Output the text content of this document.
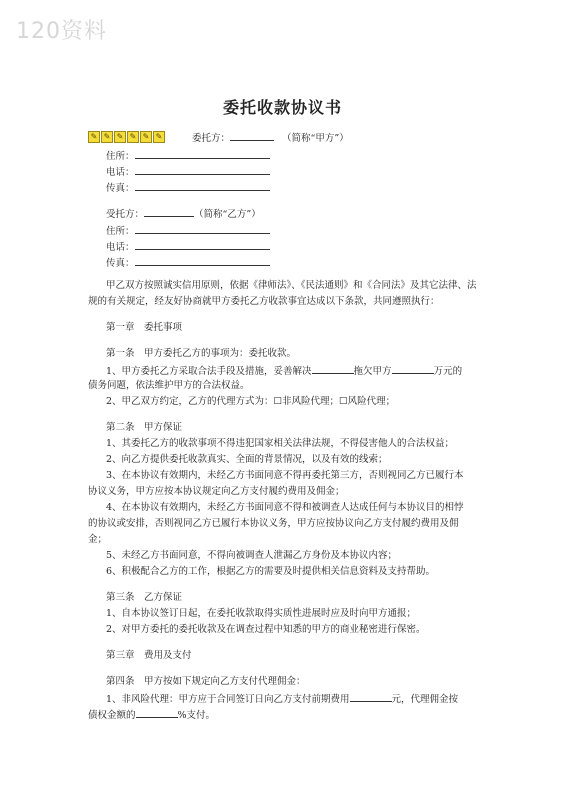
120资料
委托收款协议书
✎ ✎ ✎ ✎ ✎ ✎	委托方：	（简称“甲方”）
住所：
电话：
传真：
受托方：	（简称“乙方”）
住所：
电话：
传真：
甲乙双方按照诚实信用原则，依据《律师法》、《民法通则》和《合同法》及其它法律、法
规的有关规定，经友好协商就甲方委托乙方收款事宜达成以下条款，共同遵照执行：
第一章　委托事项
第一条　甲方委托乙方的事项为：委托收款。
1、甲方委托乙方采取合法手段及措施，妥善解决	拖欠甲方	万元的
债务问题，依法维护甲方的合法权益。
2、甲乙双方约定，乙方的代理方式为：☐非风险代理；☐风险代理；
第二条　甲方保证
1、其委托乙方的收款事项不得违犯国家相关法律法规，不得侵害他人的合法权益；
2、向乙方提供委托收款真实、全面的背景情况，以及有效的线索；
3、在本协议有效期内，未经乙方书面同意不得再委托第三方，否则视同乙方已履行本
协议义务，甲方应按本协议规定向乙方支付履约费用及佣金；
4、在本协议有效期内，未经乙方书面同意不得和被调查人达成任何与本协议目的相悖
的协议或安排，否则视同乙方已履行本协议义务，甲方应按协议向乙方支付履约费用及佣
金；
5、未经乙方书面同意，不得向被调查人泄漏乙方身份及本协议内容；
6、积极配合乙方的工作，根据乙方的需要及时提供相关信息资料及支持帮助。
第三条　乙方保证
1、自本协议签订日起，在委托收款取得实质性进展时应及时向甲方通报；
2、对甲方委托的委托收款及在调查过程中知悉的甲方的商业秘密进行保密。
第三章　费用及支付
第四条　甲方按如下规定向乙方支付代理佣金：
1、非风险代理：甲方应于合同签订日向乙方支付前期费用	元，代理佣金按
债权金额的	%支付。
